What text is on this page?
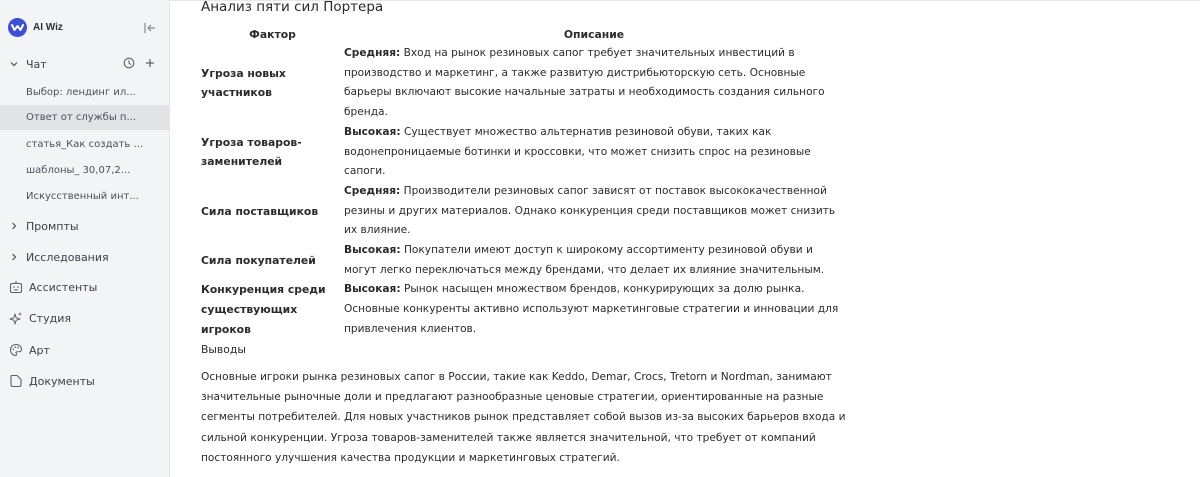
AI Wiz
Чат
Выбор: лендинг ил...
Ответ от службы п...
статья_Как создать ...
шаблоны_ 30,07,2...
Искусственный инт...
Промпты
Исследования
Ассистенты
Студия
Арт
Документы
Анализ пяти сил Портера
Фактор	Описание
Угроза новых участников	Средняя: Вход на рынок резиновых сапог требует значительных инвестиций в производство и маркетинг, а также развитую дистрибьюторскую сеть. Основные барьеры включают высокие начальные затраты и необходимость создания сильного бренда.
Угроза товаров-заменителей	Высокая: Существует множество альтернатив резиновой обуви, таких как водонепроницаемые ботинки и кроссовки, что может снизить спрос на резиновые сапоги.
Сила поставщиков	Средняя: Производители резиновых сапог зависят от поставок высококачественной резины и других материалов. Однако конкуренция среди поставщиков может снизить их влияние.
Сила покупателей	Высокая: Покупатели имеют доступ к широкому ассортименту резиновой обуви и могут легко переключаться между брендами, что делает их влияние значительным.
Конкуренция среди существующих игроков	Высокая: Рынок насыщен множеством брендов, конкурирующих за долю рынка. Основные конкуренты активно используют маркетинговые стратегии и инновации для привлечения клиентов.
Выводы

Основные игроки рынка резиновых сапог в России, такие как Keddo, Demar, Crocs, Tretorn и Nordman, занимают значительные рыночные доли и предлагают разнообразные ценовые стратегии, ориентированные на разные сегменты потребителей. Для новых участников рынок представляет собой вызов из-за высоких барьеров входа и сильной конкуренции. Угроза товаров-заменителей также является значительной, что требует от компаний постоянного улучшения качества продукции и маркетинговых стратегий.
